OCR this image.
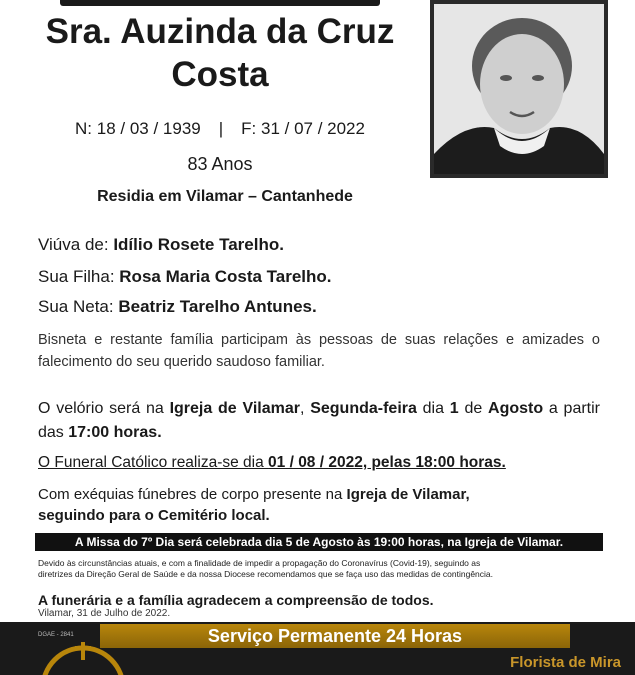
Sra. Auzinda da Cruz
Costa
N: 18 / 03 / 1939 | F: 31 / 07 / 2022
83 Anos
Residia em Vilamar – Cantanhede
Viúva de: Idílio Rosete Tarelho.
Sua Filha: Rosa Maria Costa Tarelho.
Sua Neta: Beatriz Tarelho Antunes.
Bisneta e restante família participam às pessoas de suas relações e amizades o falecimento do seu querido saudoso familiar.
O velório será na Igreja de Vilamar, Segunda-feira dia 1 de Agosto a partir das 17:00 horas.
O Funeral Católico realiza-se dia 01 / 08 / 2022, pelas 18:00 horas.
Com exéquias fúnebres de corpo presente na Igreja de Vilamar,
seguindo para o Cemitério local.
A Missa do 7º Dia será celebrada dia 5 de Agosto às 19:00 horas, na Igreja de Vilamar.
Devido às circunstâncias atuais, e com a finalidade de impedir a propagação do Coronavírus (Covid-19), seguindo as
diretrizes da Direção Geral de Saúde e da nossa Diocese recomendamos que se faça uso das medidas de contingência.
A funerária e a família agradecem a compreensão de todos.
Vilamar, 31 de Julho de 2022.
DGAE - 2841	Serviço Permanente 24 Horas
Florista de Mira
